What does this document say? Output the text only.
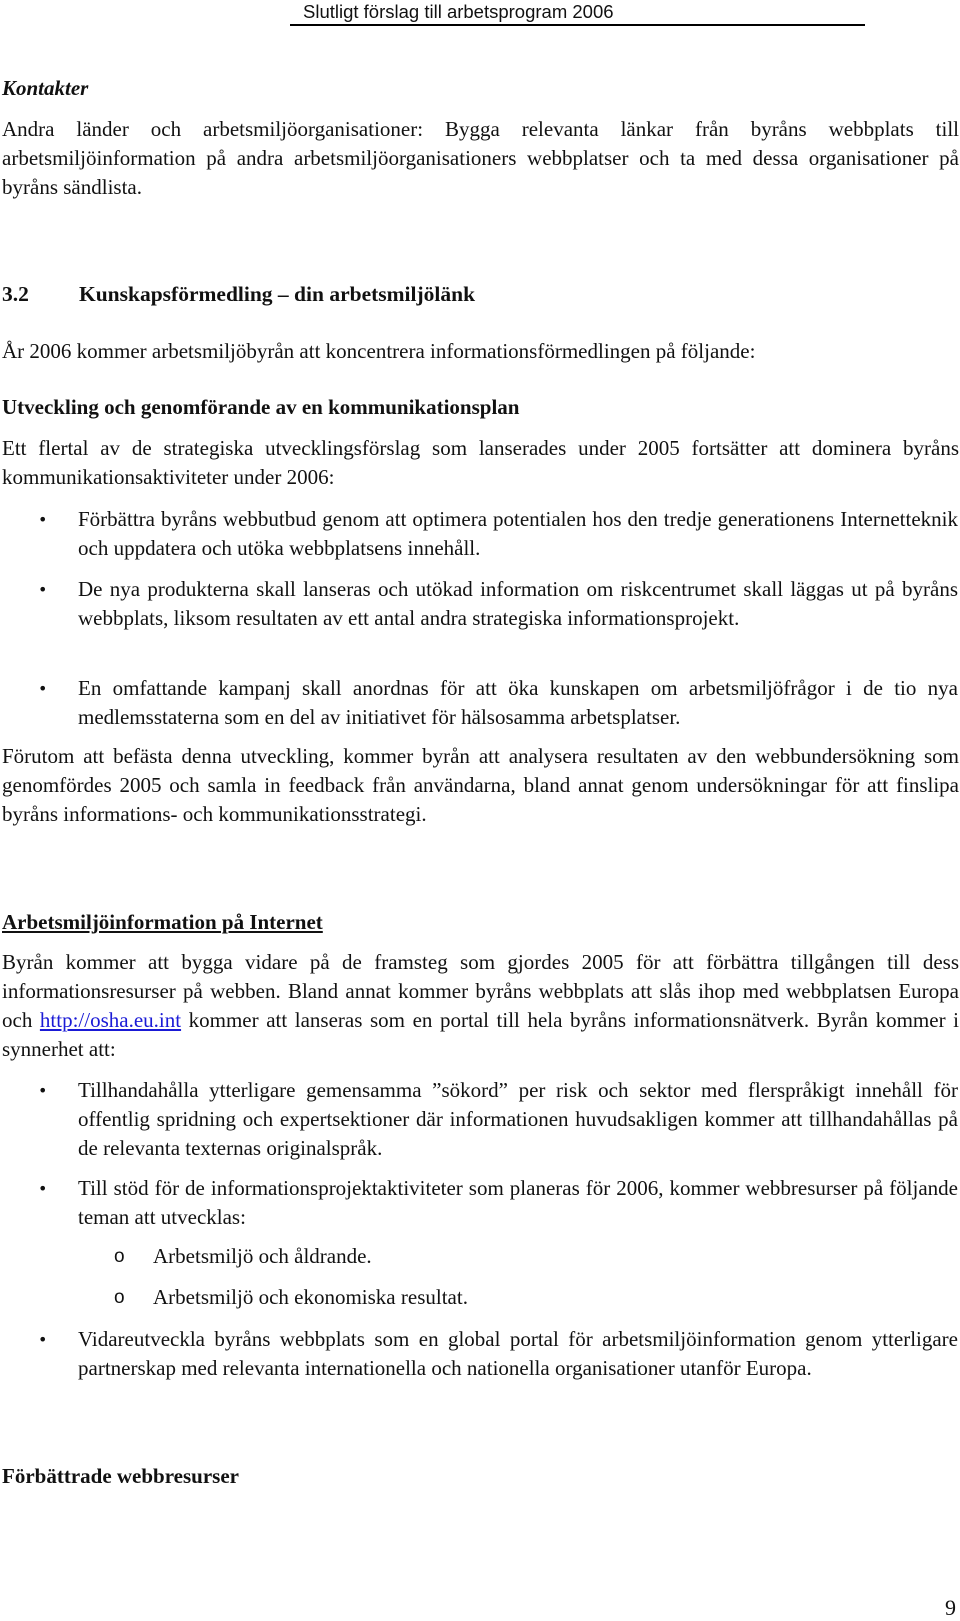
Slutligt förslag till arbetsprogram 2006
Kontakter
Andra länder och arbetsmiljöorganisationer: Bygga relevanta länkar från byråns webbplats till arbetsmiljöinformation på andra arbetsmiljöorganisationers webbplatser och ta med dessa organisationer på byråns sändlista.
3.2	Kunskapsförmedling – din arbetsmiljölänk
År 2006 kommer arbetsmiljöbyrån att koncentrera informationsförmedlingen på följande:
Utveckling och genomförande av en kommunikationsplan
Ett flertal av de strategiska utvecklingsförslag som lanserades under 2005 fortsätter att dominera byråns kommunikationsaktiviteter under 2006:
•	Förbättra byråns webbutbud genom att optimera potentialen hos den tredje generationens Internetteknik och uppdatera och utöka webbplatsens innehåll.
•	De nya produkterna skall lanseras och utökad information om riskcentrumet skall läggas ut på byråns webbplats, liksom resultaten av ett antal andra strategiska informationsprojekt.
•	En omfattande kampanj skall anordnas för att öka kunskapen om arbetsmiljöfrågor i de tio nya medlemsstaterna som en del av initiativet för hälsosamma arbetsplatser.
Förutom att befästa denna utveckling, kommer byrån att analysera resultaten av den webbundersökning som genomfördes 2005 och samla in feedback från användarna, bland annat genom undersökningar för att finslipa byråns informations- och kommunikationsstrategi.
Arbetsmiljöinformation på Internet
Byrån kommer att bygga vidare på de framsteg som gjordes 2005 för att förbättra tillgången till dess informationsresurser på webben. Bland annat kommer byråns webbplats att slås ihop med webbplatsen Europa och http://osha.eu.int kommer att lanseras som en portal till hela byråns informationsnätverk. Byrån kommer i synnerhet att:
•	Tillhandahålla ytterligare gemensamma ”sökord” per risk och sektor med flerspråkigt innehåll för offentlig spridning och expertsektioner där informationen huvudsakligen kommer att tillhandahållas på de relevanta texternas originalspråk.
•	Till stöd för de informationsprojektaktiviteter som planeras för 2006, kommer webbresurser på följande teman att utvecklas:
o	Arbetsmiljö och åldrande.
o	Arbetsmiljö och ekonomiska resultat.
•	Vidareutveckla byråns webbplats som en global portal för arbetsmiljöinformation genom ytterligare partnerskap med relevanta internationella och nationella organisationer utanför Europa.
Förbättrade webbresurser
9
